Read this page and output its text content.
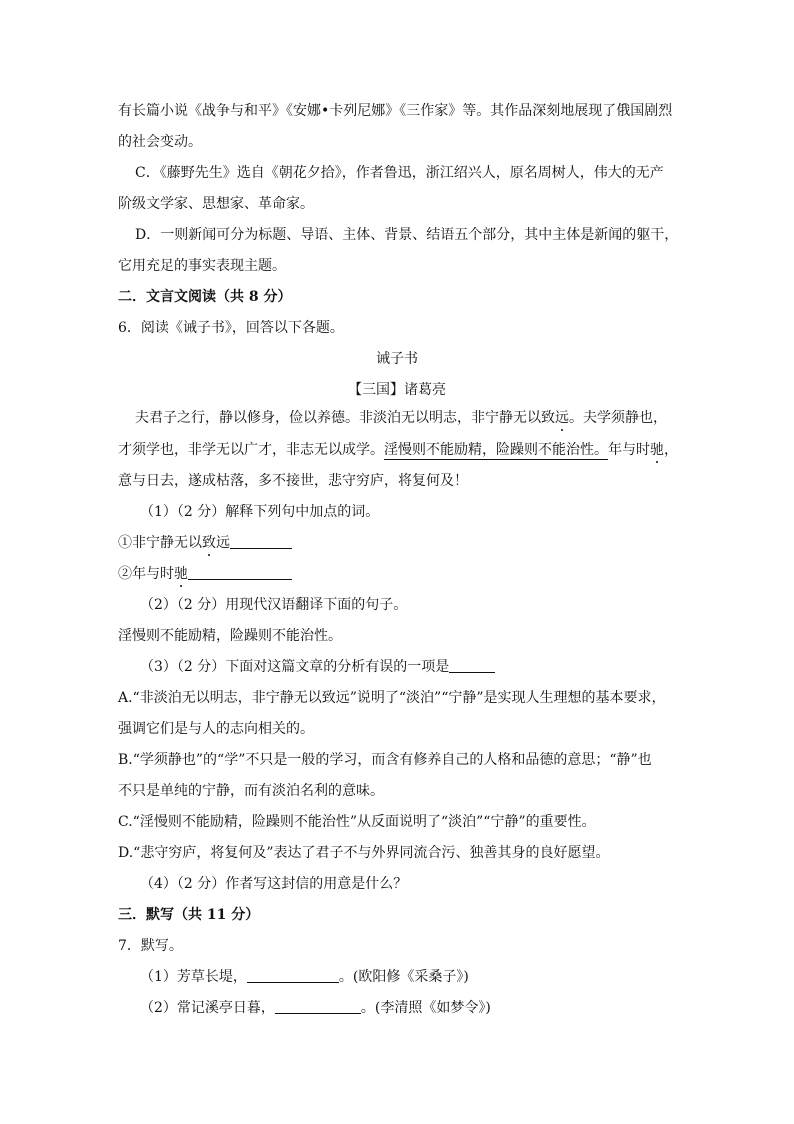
有长篇小说《战争与和平》《安娜•卡列尼娜》《三作家》等。其作品深刻地展现了俄国剧烈
的社会变动。
C．《藤野先生》选自《朝花夕拾》，作者鲁迅，浙江绍兴人，原名周树人，伟大的无产
阶级文学家、思想家、革命家。
D．一则新闻可分为标题、导语、主体、背景、结语五个部分，其中主体是新闻的躯干，
它用充足的事实表现主题。
二．文言文阅读（共 8 分）
6．阅读《诫子书》，回答以下各题。
诫子书
【三国】诸葛亮
夫君子之行，静以修身，俭以养德。非淡泊无以明志，非宁静无以致远。夫学须静也，
才须学也，非学无以广才，非志无以成学。淫慢则不能励精，险躁则不能治性。年与时驰，
意与日去，遂成枯落，多不接世，悲守穷庐，将复何及！
（1）（2 分）解释下列句中加点的词。
①非宁静无以致远
②年与时驰
（2）（2 分）用现代汉语翻译下面的句子。
淫慢则不能励精，险躁则不能治性。
（3）（2 分）下面对这篇文章的分析有误的一项是
A.“非淡泊无以明志，非宁静无以致远”说明了“淡泊”“宁静”是实现人生理想的基本要求，
强调它们是与人的志向相关的。
B.“学须静也”的“学”不只是一般的学习，而含有修养自己的人格和品德的意思；“静”也
不只是单纯的宁静，而有淡泊名利的意味。
C.“淫慢则不能励精，险躁则不能治性”从反面说明了“淡泊”“宁静”的重要性。
D.“悲守穷庐，将复何及”表达了君子不与外界同流合污、独善其身的良好愿望。
（4）（2 分）作者写这封信的用意是什么？
三．默写（共 11 分）
7．默写。
（1）芳草长堤，	。(欧阳修《采桑子》)
（2）常记溪亭日暮，	。(李清照《如梦令》)
